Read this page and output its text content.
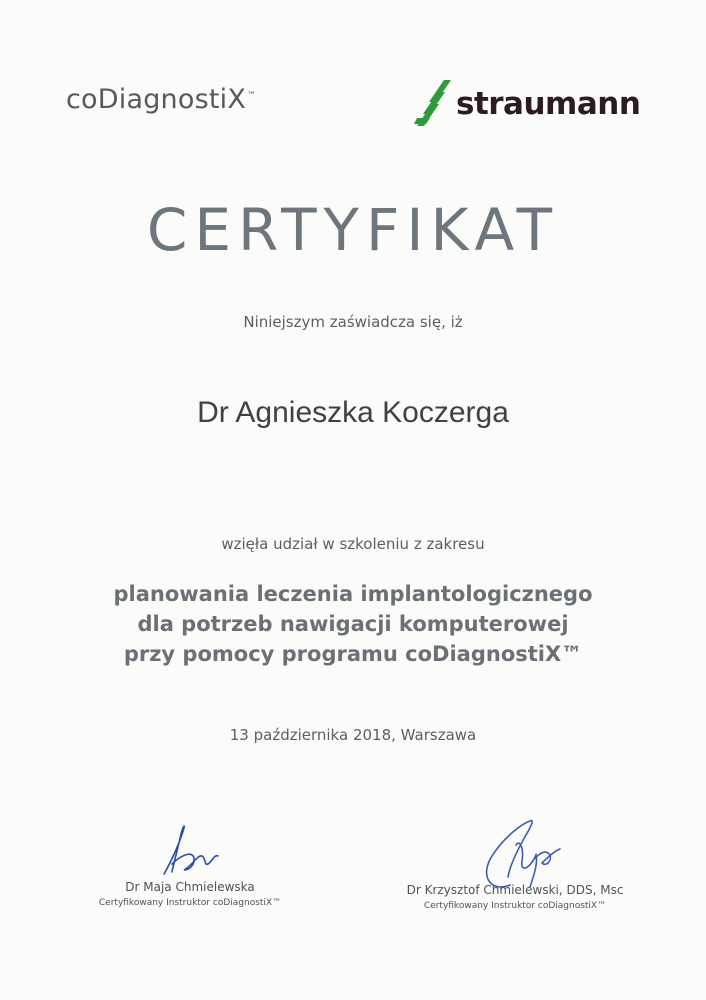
coDiagnostiX™	straumann
CERTYFIKAT
Niniejszym zaświadcza się, iż
Dr Agnieszka Koczerga
wzięła udział w szkoleniu z zakresu
planowania leczenia implantologicznego
dla potrzeb nawigacji komputerowej
przy pomocy programu coDiagnostiX™
13 października 2018, Warszawa
Dr Maja Chmielewska
Certyfikowany Instruktor coDiagnostiX™
Dr Krzysztof Chmielewski, DDS, Msc
Certyfikowany Instruktor coDiagnostiX™
